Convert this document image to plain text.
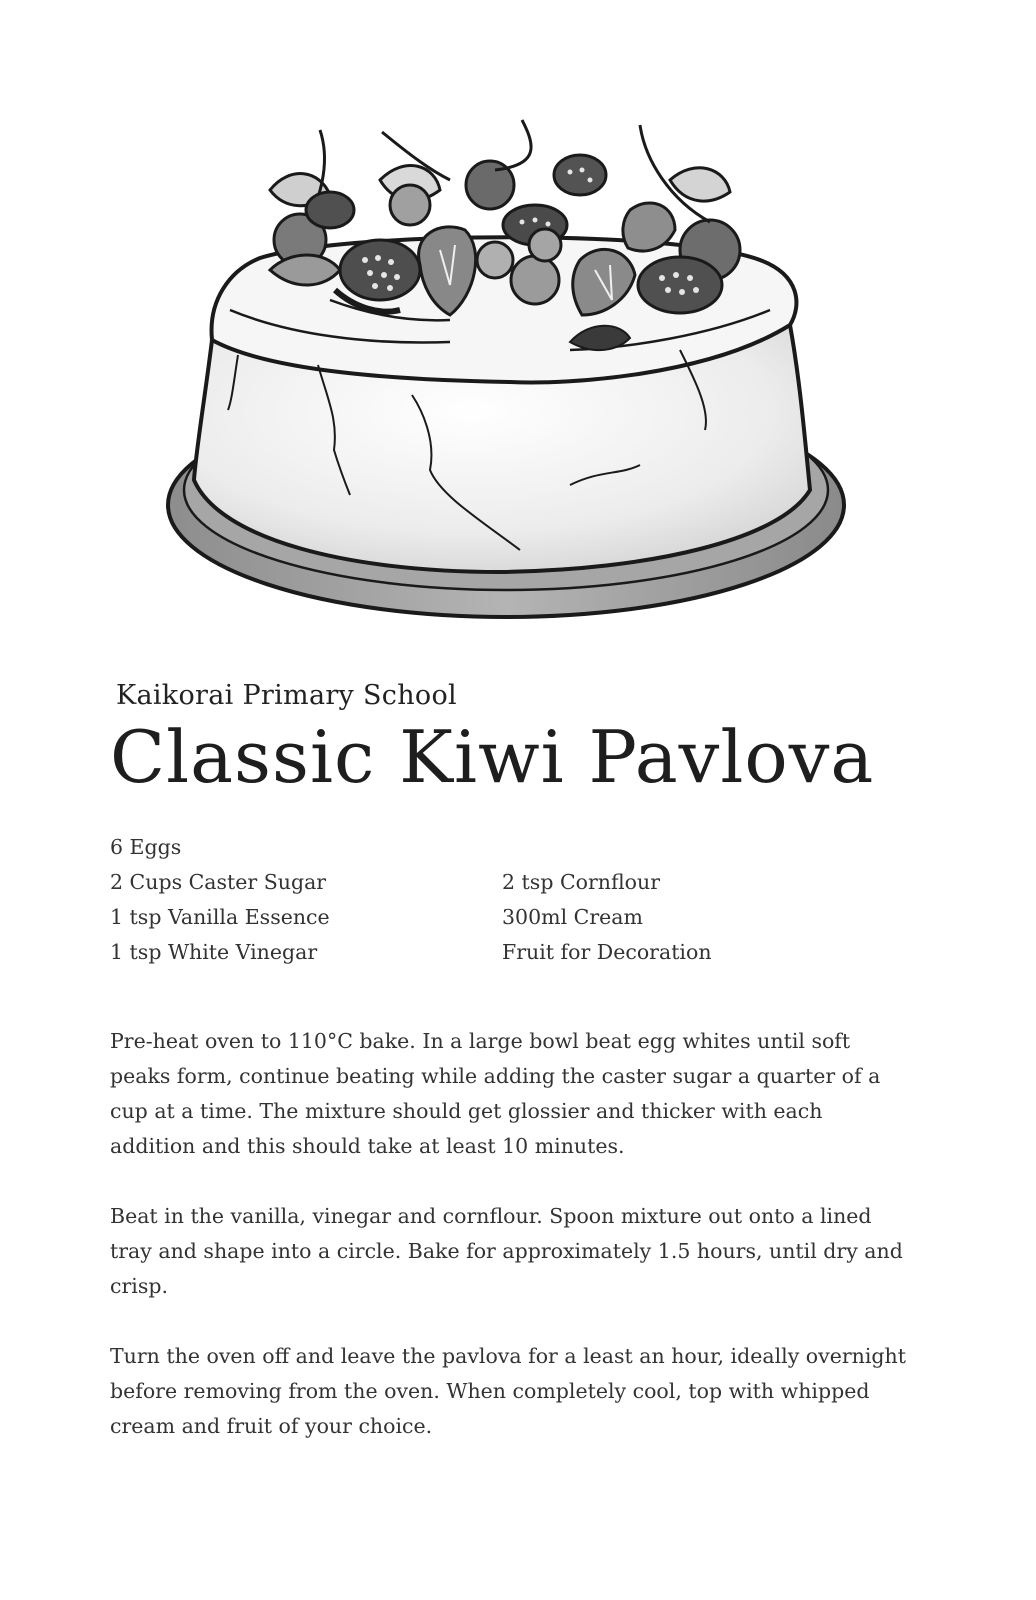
Kaikorai Primary School
Classic Kiwi Pavlova
6 Eggs
2 Cups Caster Sugar
1 tsp Vanilla Essence
1 tsp White Vinegar
2 tsp Cornflour
300ml Cream
Fruit for Decoration

Pre-heat oven to 110°C bake. In a large bowl beat egg whites until soft peaks form, continue beating while adding the caster sugar a quarter of a cup at a time. The mixture should get glossier and thicker with each addition and this should take at least 10 minutes.

Beat in the vanilla, vinegar and cornflour. Spoon mixture out onto a lined tray and shape into a circle. Bake for approximately 1.5 hours, until dry and crisp.

Turn the oven off and leave the pavlova for a least an hour, ideally overnight before removing from the oven. When completely cool, top with whipped cream and fruit of your choice.
